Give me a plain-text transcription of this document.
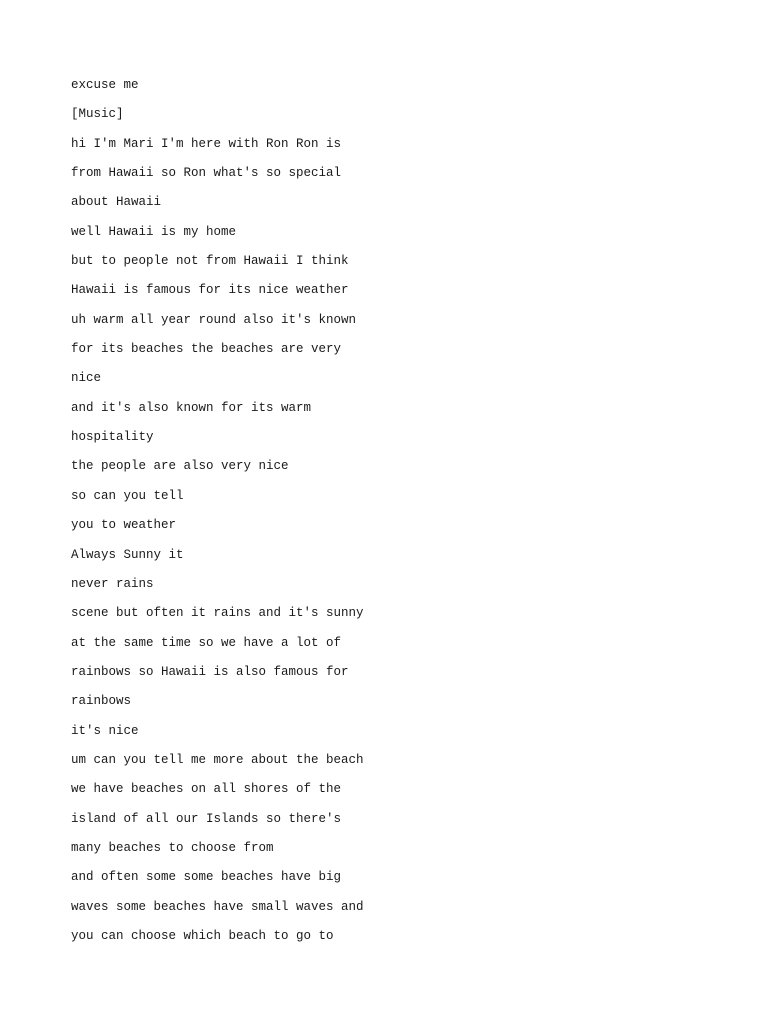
excuse me

[Music]

hi I'm Mari I'm here with Ron Ron is

from Hawaii so Ron what's so special

about Hawaii

well Hawaii is my home

but to people not from Hawaii I think

Hawaii is famous for its nice weather

uh warm all year round also it's known

for its beaches the beaches are very

nice

and it's also known for its warm

hospitality

the people are also very nice

so can you tell

you to weather

Always Sunny it

never rains

scene but often it rains and it's sunny

at the same time so we have a lot of

rainbows so Hawaii is also famous for

rainbows

it's nice

um can you tell me more about the beach

we have beaches on all shores of the

island of all our Islands so there's

many beaches to choose from

and often some some beaches have big

waves some beaches have small waves and

you can choose which beach to go to
